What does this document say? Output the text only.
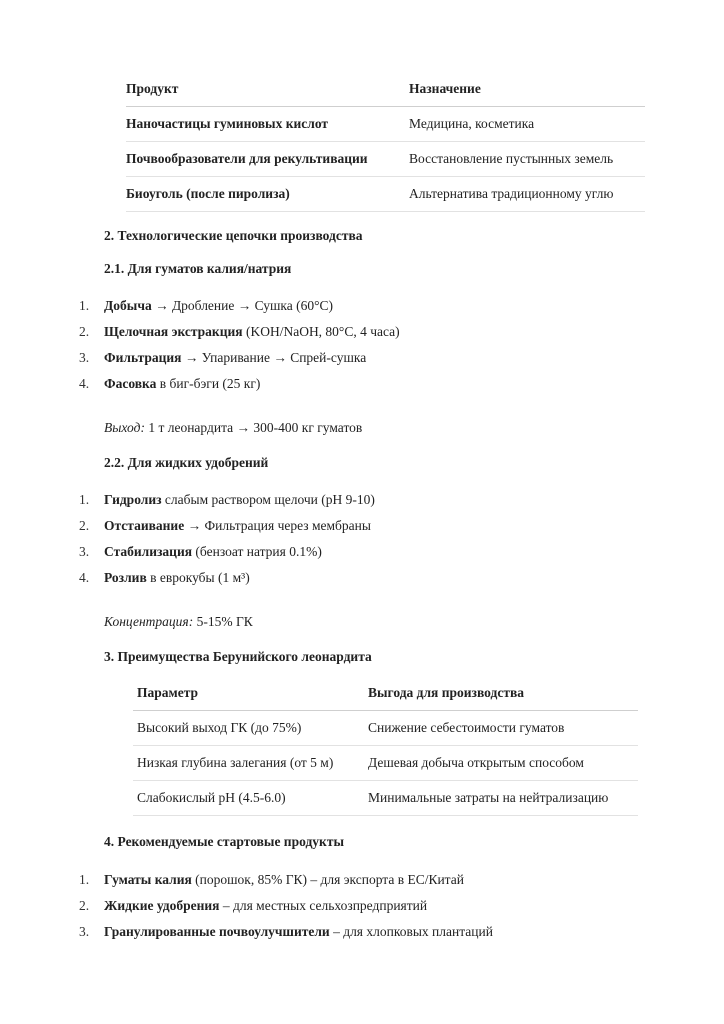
Продукт	Назначение
Наночастицы гуминовых кислот	Медицина, косметика
Почвообразователи для рекультивации	Восстановление пустынных земель
Биоуголь (после пиролиза)	Альтернатива традиционному углю
2. Технологические цепочки производства
2.1. Для гуматов калия/натрия
1.	Добыча → Дробление → Сушка (60°С)
2.	Щелочная экстракция (KOH/NaOH, 80°С, 4 часа)
3.	Фильтрация → Упаривание → Спрей-сушка
4.	Фасовка в биг-бэги (25 кг)
Выход: 1 т леонардита → 300-400 кг гуматов
2.2. Для жидких удобрений
1.	Гидролиз слабым раствором щелочи (pH 9-10)
2.	Отстаивание → Фильтрация через мембраны
3.	Стабилизация (бензоат натрия 0.1%)
4.	Розлив в еврокубы (1 м³)
Концентрация: 5-15% ГК
3. Преимущества Берунийского леонардита
Параметр	Выгода для производства
Высокий выход ГК (до 75%)	Снижение себестоимости гуматов
Низкая глубина залегания (от 5 м)	Дешевая добыча открытым способом
Слабокислый pH (4.5-6.0)	Минимальные затраты на нейтрализацию
4. Рекомендуемые стартовые продукты
1.	Гуматы калия (порошок, 85% ГК) – для экспорта в ЕС/Китай
2.	Жидкие удобрения – для местных сельхозпредприятий
3.	Гранулированные почвоулучшители – для хлопковых плантаций
